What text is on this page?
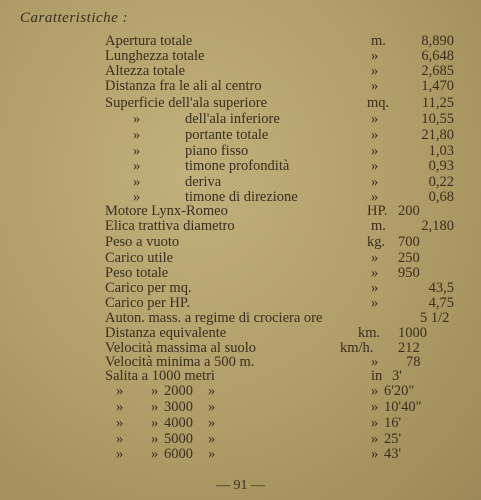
Caratteristiche :
Apertura totale	m. 8,890
Lunghezza totale	»	6,648
Altezza totale	»	2,685
Distanza fra le ali al centro	»	1,470
Superficie dell'ala superiore	mq. 11,25
»	dell'ala inferiore	»	10,55
»	portante totale	»	21,80
»	piano fisso	»	1,03
»	timone profondità	»	0,93
»	deriva	»	0,22
»	timone di direzione	»	0,68
Motore Lynx-Romeo	HP. 200
Elica trattiva diametro	m. 2,180
Peso a vuoto	kg. 700
Carico utile	» 250
Peso totale	» 950
Carico per mq.	»	43,5
Carico per HP.	»	4,75
Auton. mass. a regime di crociera ore	5 1/2
Distanza equivalente	km. 1000
Velocità massima al suolo	km/h. 212
Velocità minima a 500 m.	» 78
Salita a 1000 metri	in 3'
» » 2000 »	» 6'20"
» » 3000 »	» 10'40"
» » 4000 »	» 16'
» » 5000 »	» 25'
» » 6000 »	» 43'
— 91 —
